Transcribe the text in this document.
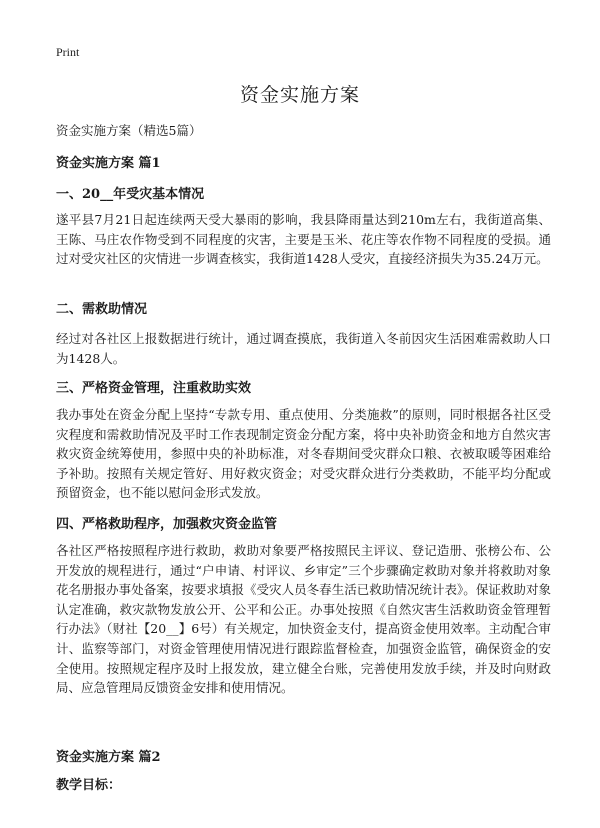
Print
资金实施方案
资金实施方案（精选5篇）
资金实施方案 篇1
一、20__年受灾基本情况
遂平县7月21日起连续两天受大暴雨的影响，我县降雨量达到210m左右，我街道高集、王陈、马庄农作物受到不同程度的灾害，主要是玉米、花庄等农作物不同程度的受损。通过对受灾社区的灾情进一步调查核实，我街道1428人受灾，直接经济损失为35.24万元。
二、需救助情况
经过对各社区上报数据进行统计，通过调查摸底，我街道入冬前因灾生活困难需救助人口为1428人。
三、严格资金管理，注重救助实效
我办事处在资金分配上坚持“专款专用、重点使用、分类施救”的原则，同时根据各社区受灾程度和需救助情况及平时工作表现制定资金分配方案，将中央补助资金和地方自然灾害救灾资金统筹使用，参照中央的补助标准，对冬春期间受灾群众口粮、衣被取暖等困难给予补助。按照有关规定管好、用好救灾资金；对受灾群众进行分类救助，不能平均分配或预留资金，也不能以慰问金形式发放。
四、严格救助程序，加强救灾资金监管
各社区严格按照程序进行救助，救助对象要严格按照民主评议、登记造册、张榜公布、公开发放的规程进行，通过“户申请、村评议、乡审定”三个步骤确定救助对象并将救助对象花名册报办事处备案，按要求填报《受灾人员冬春生活已救助情况统计表》。保证救助对象认定准确，救灾款物发放公开、公平和公正。办事处按照《自然灾害生活救助资金管理暂行办法》（财社【20__】6号）有关规定，加快资金支付，提高资金使用效率。主动配合审计、监察等部门，对资金管理使用情况进行跟踪监督检查，加强资金监管，确保资金的安全使用。按照规定程序及时上报发放，建立健全台账，完善使用发放手续，并及时向财政局、应急管理局反馈资金安排和使用情况。
资金实施方案 篇2
教学目标：
